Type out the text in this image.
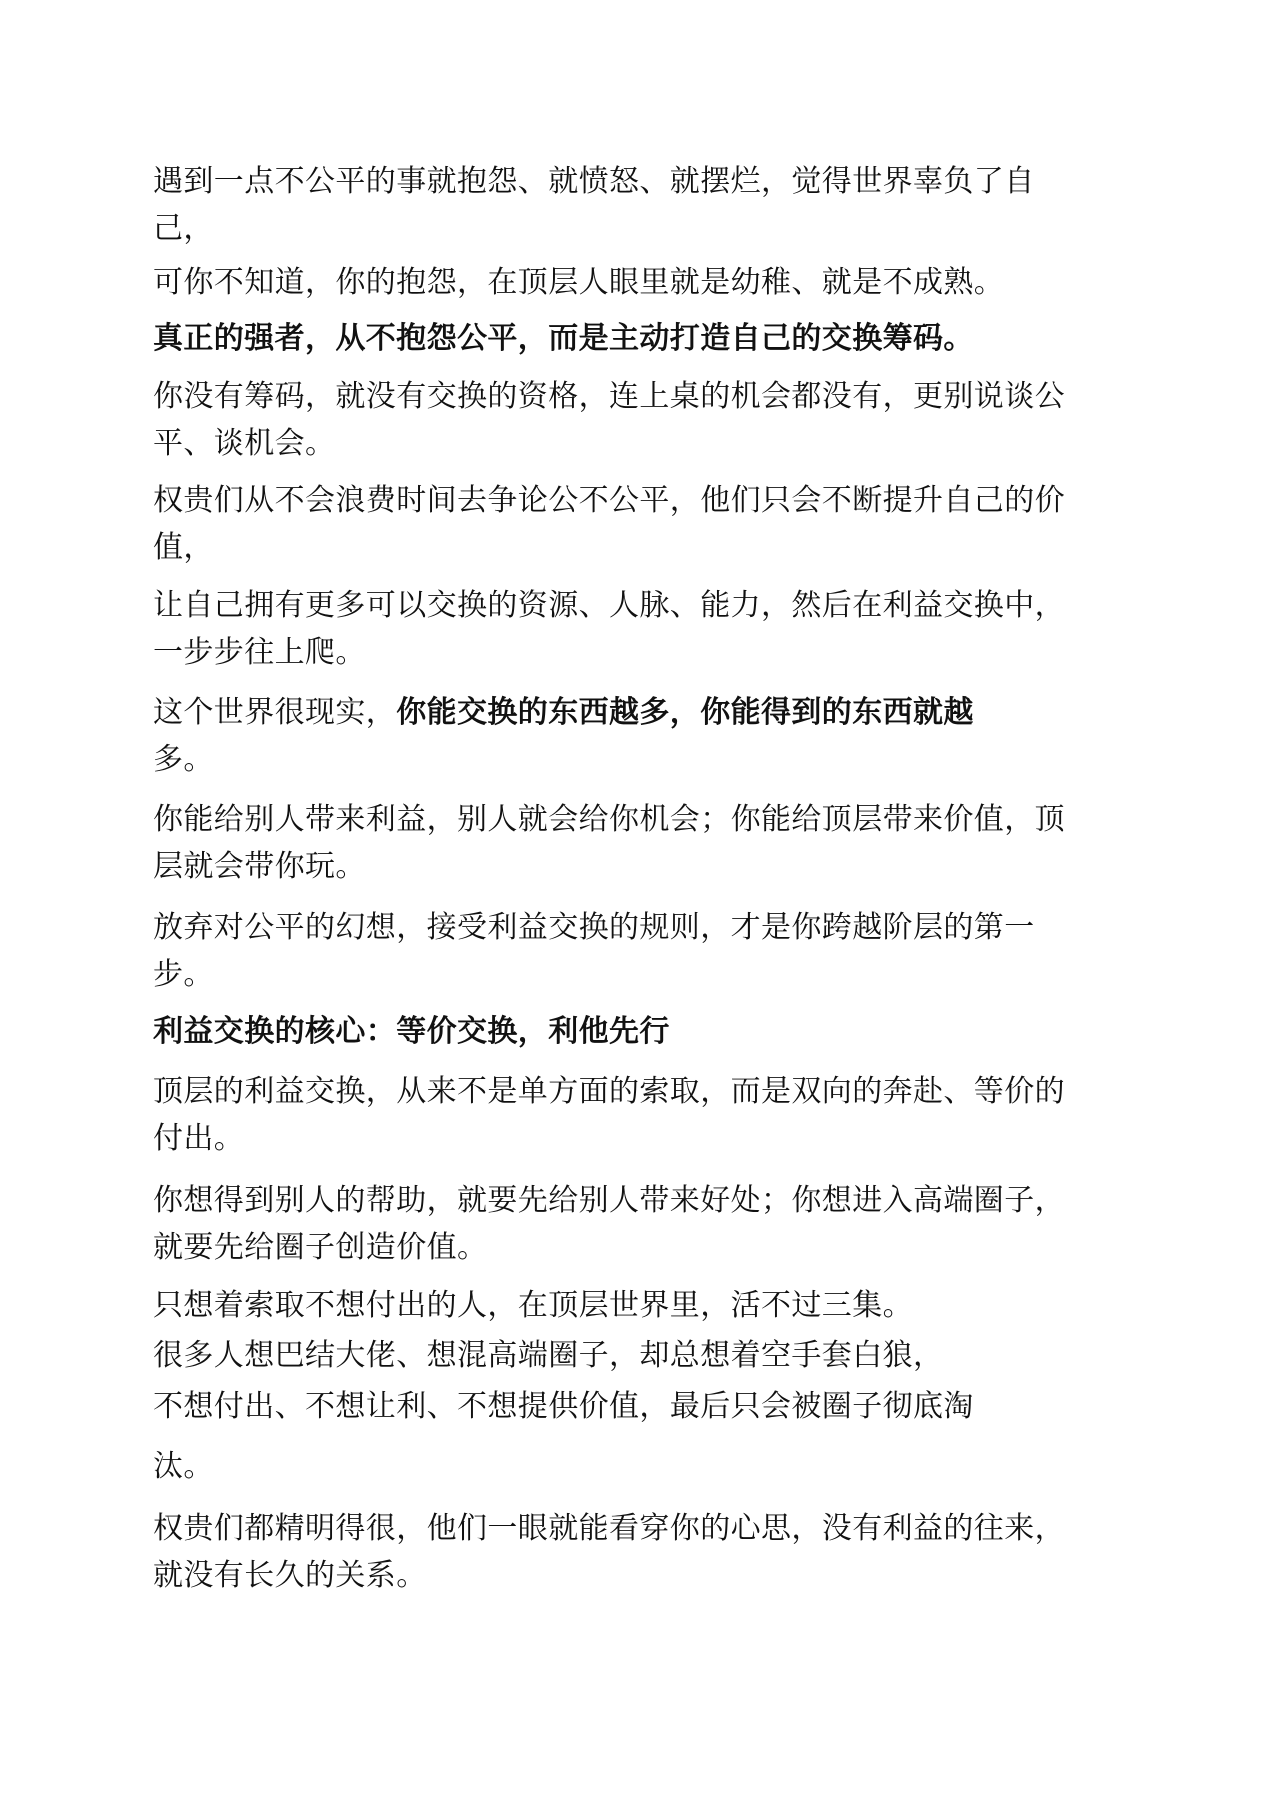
遇到一点不公平的事就抱怨、就愤怒、就摆烂，觉得世界辜负了自己，

可你不知道，你的抱怨，在顶层人眼里就是幼稚、就是不成熟。

真正的强者，从不抱怨公平，而是主动打造自己的交换筹码。

你没有筹码，就没有交换的资格，连上桌的机会都没有，更别说谈公平、谈机会。

权贵们从不会浪费时间去争论公不公平，他们只会不断提升自己的价值，

让自己拥有更多可以交换的资源、人脉、能力，然后在利益交换中，一步步往上爬。

这个世界很现实，你能交换的东西越多，你能得到的东西就越
多。

你能给别人带来利益，别人就会给你机会；你能给顶层带来价值，顶层就会带你玩。

放弃对公平的幻想，接受利益交换的规则，才是你跨越阶层的第一步。

利益交换的核心：等价交换，利他先行

顶层的利益交换，从来不是单方面的索取，而是双向的奔赴、等价的付出。

你想得到别人的帮助，就要先给别人带来好处；你想进入高端圈子，就要先给圈子创造价值。

只想着索取不想付出的人，在顶层世界里，活不过三集。

很多人想巴结大佬、想混高端圈子，却总想着空手套白狼，

不想付出、不想让利、不想提供价值，最后只会被圈子彻底淘

汰。

权贵们都精明得很，他们一眼就能看穿你的心思，没有利益的往来，就没有长久的关系。
